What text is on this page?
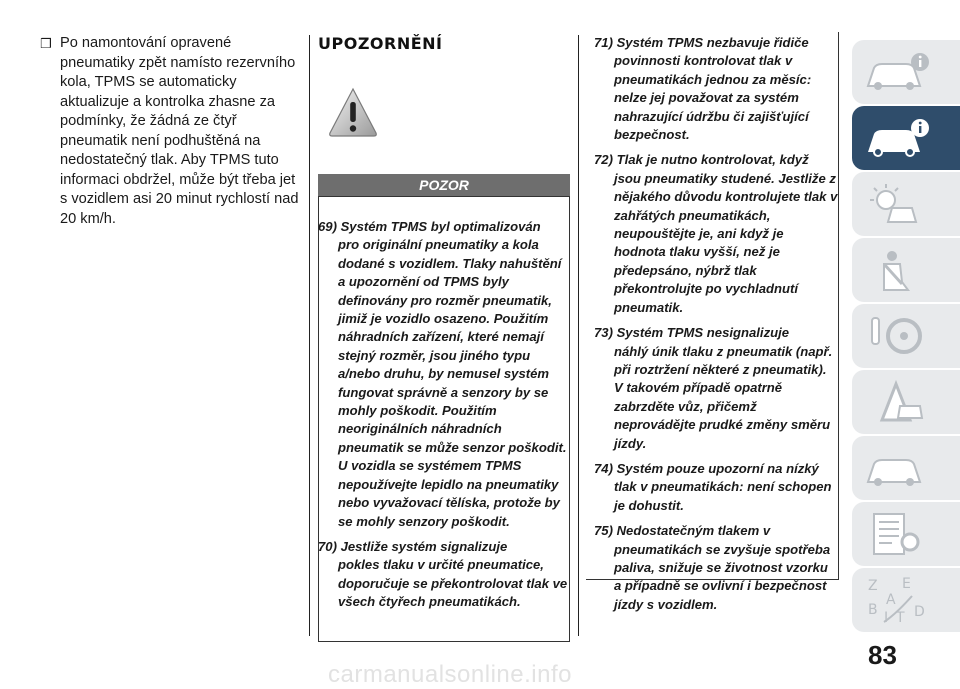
❒ Po namontování opravené pneumatiky zpět namísto rezervního kola, TPMS se automaticky aktualizuje a kontrolka zhasne za podmínky, že žádná ze čtyř pneumatik není podhuštěná na nedostatečný tlak. Aby TPMS tuto informaci obdržel, může být třeba jet s vozidlem asi 20 minut rychlostí nad 20 km/h.
UPOZORNĚNÍ
POZOR
69) Systém TPMS byl optimalizován
pro originální pneumatiky a kola dodané s vozidlem. Tlaky nahuštění a upozornění od TPMS byly definovány pro rozměr pneumatik, jimiž je vozidlo osazeno. Použitím náhradních zařízení, které nemají stejný rozměr, jsou jiného typu a/nebo druhu, by nemusel systém fungovat správně a senzory by se mohly poškodit. Použitím neoriginálních náhradních pneumatik se může senzor poškodit. U vozidla se systémem TPMS nepoužívejte lepidlo na pneumatiky nebo vyvažovací tělíska, protože by se mohly senzory poškodit.
70) Jestliže systém signalizuje
pokles tlaku v určité pneumatice, doporučuje se překontrolovat tlak ve všech čtyřech pneumatikách.
71) Systém TPMS nezbavuje řidiče
povinnosti kontrolovat tlak v pneumatikách jednou za měsíc: nelze jej považovat za systém nahrazující údržbu či zajišťující bezpečnost.
72) Tlak je nutno kontrolovat, když
jsou pneumatiky studené. Jestliže z nějakého důvodu kontrolujete tlak v zahřátých pneumatikách, neupouštějte je, ani když je hodnota tlaku vyšší, než je předepsáno, nýbrž tlak překontrolujte po vychladnutí pneumatik.
73) Systém TPMS nesignalizuje
náhlý únik tlaku z pneumatik (např. při roztržení některé z pneumatik). V takovém případě opatrně zabrzděte vůz, přičemž neprovádějte prudké změny směru jízdy.
74) Systém pouze upozorní na nízký
tlak v pneumatikách: není schopen je dohustit.
75) Nedostatečným tlakem v
pneumatikách se zvyšuje spotřeba paliva, snižuje se životnost vzorku a případně se ovlivní i bezpečnost jízdy s vozidlem.
Z E
B
A
I T D
83
carmanualsonline.info
